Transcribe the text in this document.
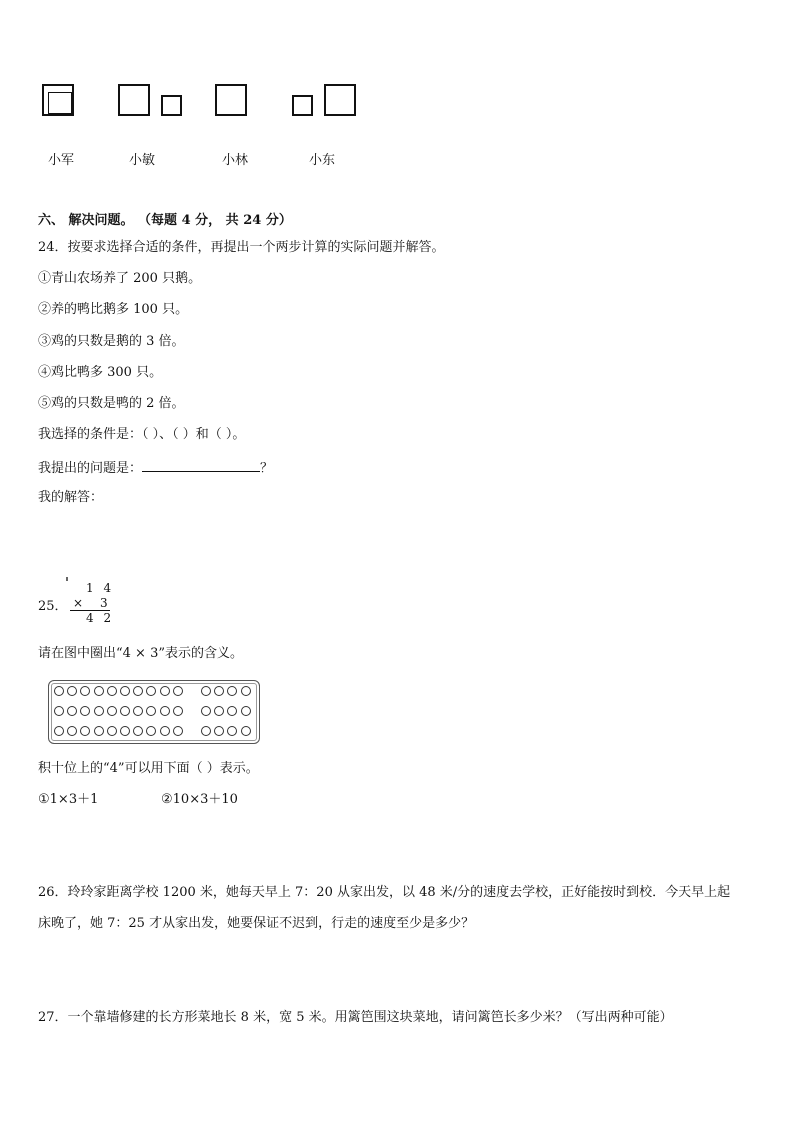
小军	小敏	小林	小东
六、 解决问题。 （每题 4 分， 共 24 分）
24．按要求选择合适的条件，再提出一个两步计算的实际问题并解答。
①青山农场养了 200 只鹅。
②养的鸭比鹅多 100 只。
③鸡的只数是鹅的 3 倍。
④鸡比鸭多 300 只。
⑤鸡的只数是鸭的 2 倍。
我选择的条件是：（ ）、（ ）和（ ）。
我提出的问题是：	？
我的解答：
25．
1 4
× 3
4 2
请在图中圈出“4 × 3”表示的含义。
积十位上的“4”可以用下面（ ）表示。
①1×3＋1	②10×3＋10
26．玲玲家距离学校 1200 米，她每天早上 7：20 从家出发，以 48 米/分的速度去学校，正好能按时到校．今天早上起
床晚了，她 7：25 才从家出发，她要保证不迟到，行走的速度至少是多少？
27．一个靠墙修建的长方形菜地长 8 米，宽 5 米。用篱笆围这块菜地，请问篱笆长多少米？（写出两种可能）
